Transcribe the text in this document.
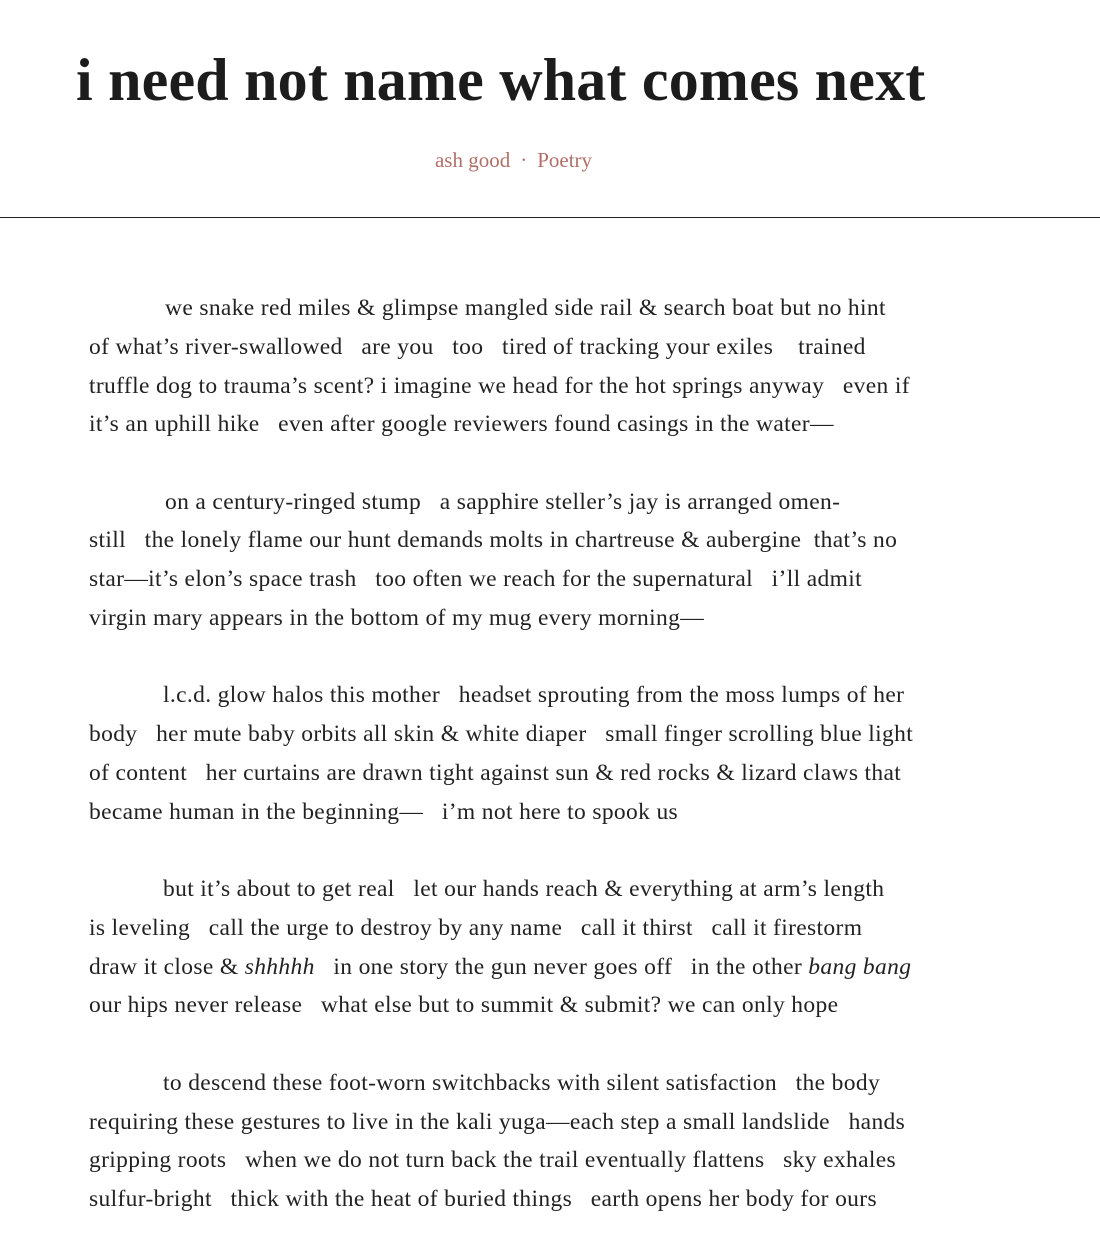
i need not name what comes next
ash good · Poetry
we snake red miles & glimpse mangled side rail & search boat but no hint
of what’s river-swallowed   are you   too   tired of tracking your exiles    trained
truffle dog to trauma’s scent? i imagine we head for the hot springs anyway   even if
it’s an uphill hike   even after google reviewers found casings in the water—
on a century-ringed stump   a sapphire steller’s jay is arranged omen-
still   the lonely flame our hunt demands molts in chartreuse & aubergine  that’s no
star—it’s elon’s space trash   too often we reach for the supernatural   i’ll admit
virgin mary appears in the bottom of my mug every morning—
l.c.d. glow halos this mother   headset sprouting from the moss lumps of her
body   her mute baby orbits all skin & white diaper   small finger scrolling blue light
of content   her curtains are drawn tight against sun & red rocks & lizard claws that
became human in the beginning—   i’m not here to spook us
but it’s about to get real   let our hands reach & everything at arm’s length
is leveling   call the urge to destroy by any name   call it thirst   call it firestorm
draw it close & shhhhh   in one story the gun never goes off   in the other bang bang
our hips never release   what else but to summit & submit? we can only hope
to descend these foot-worn switchbacks with silent satisfaction   the body
requiring these gestures to live in the kali yuga—each step a small landslide   hands
gripping roots   when we do not turn back the trail eventually flattens   sky exhales
sulfur-bright   thick with the heat of buried things   earth opens her body for ours
